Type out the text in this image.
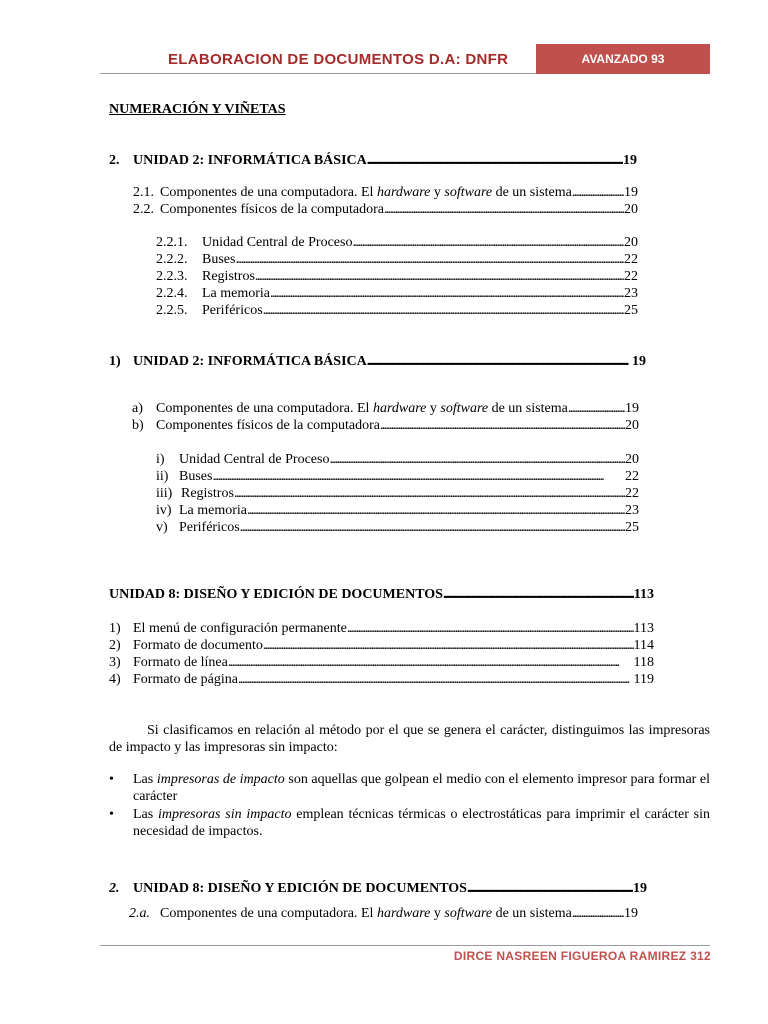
ELABORACION DE DOCUMENTOS D.A: DNFR	AVANZADO 93
NUMERACIÓN Y VIÑETAS
2. UNIDAD 2: INFORMÁTICA BÁSICA . . .	19
2.1. Componentes de una computadora. El hardware y software de un sistema . . .	19
2.2. Componentes físicos de la computadora . . .	20
2.2.1.	Unidad Central de Proceso . . .	20
2.2.2.	Buses . . .	22
2.2.3.	Registros . . .	22
2.2.4.	La memoria . . .	23
2.2.5.	Periféricos . . .	25
1) UNIDAD 2: INFORMÁTICA BÁSICA . . .	19
a) Componentes de una computadora. El hardware y software de un sistema . . .	19
b) Componentes físicos de la computadora . . .	20
i)	Unidad Central de Proceso . . .	20
ii) Buses . . .	22
iii) Registros . . .	22
iv) La memoria . . .	23
v) Periféricos . . .	25
UNIDAD 8: DISEÑO Y EDICIÓN DE DOCUMENTOS . . .	113
1) El menú de configuración permanente . . .	113
2) Formato de documento . . .	114
3) Formato de línea . . .	118
4) Formato de página . . .	119
Si clasificamos en relación al método por el que se genera el carácter, distinguimos las impresoras de impacto y las impresoras sin impacto:
• Las impresoras de impacto son aquellas que golpean el medio con el elemento impresor para formar el carácter
• Las impresoras sin impacto emplean técnicas térmicas o electrostáticas para imprimir el carácter sin necesidad de impactos.
2. UNIDAD 8: DISEÑO Y EDICIÓN DE DOCUMENTOS . . .	19
2.a. Componentes de una computadora. El hardware y software de un sistema . . .	19
DIRCE NASREEN FIGUEROA RAMIREZ 312
